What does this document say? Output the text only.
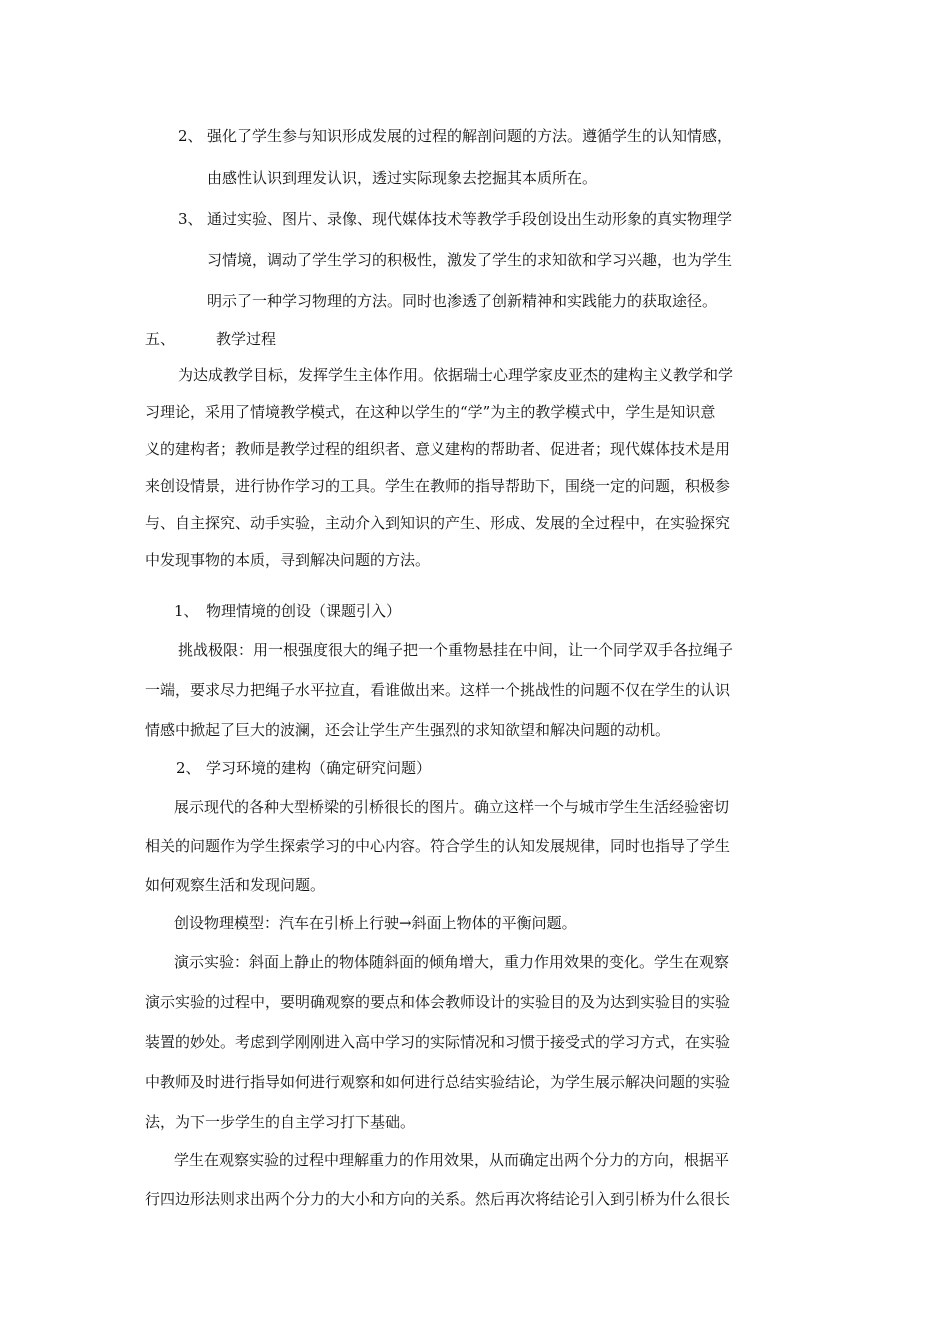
2、 强化了学生参与知识形成发展的过程的解剖问题的方法。遵循学生的认知情感，
由感性认识到理发认识，透过实际现象去挖掘其本质所在。
3、 通过实验、图片、录像、现代媒体技术等教学手段创设出生动形象的真实物理学
习情境，调动了学生学习的积极性，激发了学生的求知欲和学习兴趣，也为学生
明示了一种学习物理的方法。同时也渗透了创新精神和实践能力的获取途径。
五、	教学过程
为达成教学目标，发挥学生主体作用。依据瑞士心理学家皮亚杰的建构主义教学和学
习理论，采用了情境教学模式，在这种以学生的“学”为主的教学模式中，学生是知识意
义的建构者；教师是教学过程的组织者、意义建构的帮助者、促进者；现代媒体技术是用
来创设情景，进行协作学习的工具。学生在教师的指导帮助下，围绕一定的问题，积极参
与、自主探究、动手实验，主动介入到知识的产生、形成、发展的全过程中，在实验探究
中发现事物的本质，寻到解决问题的方法。
1、 物理情境的创设（课题引入）
挑战极限：用一根强度很大的绳子把一个重物悬挂在中间，让一个同学双手各拉绳子
一端，要求尽力把绳子水平拉直，看谁做出来。这样一个挑战性的问题不仅在学生的认识
情感中掀起了巨大的波澜，还会让学生产生强烈的求知欲望和解决问题的动机。
2、 学习环境的建构（确定研究问题）
展示现代的各种大型桥梁的引桥很长的图片。确立这样一个与城市学生生活经验密切
相关的问题作为学生探索学习的中心内容。符合学生的认知发展规律，同时也指导了学生
如何观察生活和发现问题。
创设物理模型：汽车在引桥上行驶→斜面上物体的平衡问题。
演示实验：斜面上静止的物体随斜面的倾角增大，重力作用效果的变化。学生在观察
演示实验的过程中，要明确观察的要点和体会教师设计的实验目的及为达到实验目的实验
装置的妙处。考虑到学刚刚进入高中学习的实际情况和习惯于接受式的学习方式，在实验
中教师及时进行指导如何进行观察和如何进行总结实验结论，为学生展示解决问题的实验
法，为下一步学生的自主学习打下基础。
学生在观察实验的过程中理解重力的作用效果，从而确定出两个分力的方向，根据平
行四边形法则求出两个分力的大小和方向的关系。然后再次将结论引入到引桥为什么很长
